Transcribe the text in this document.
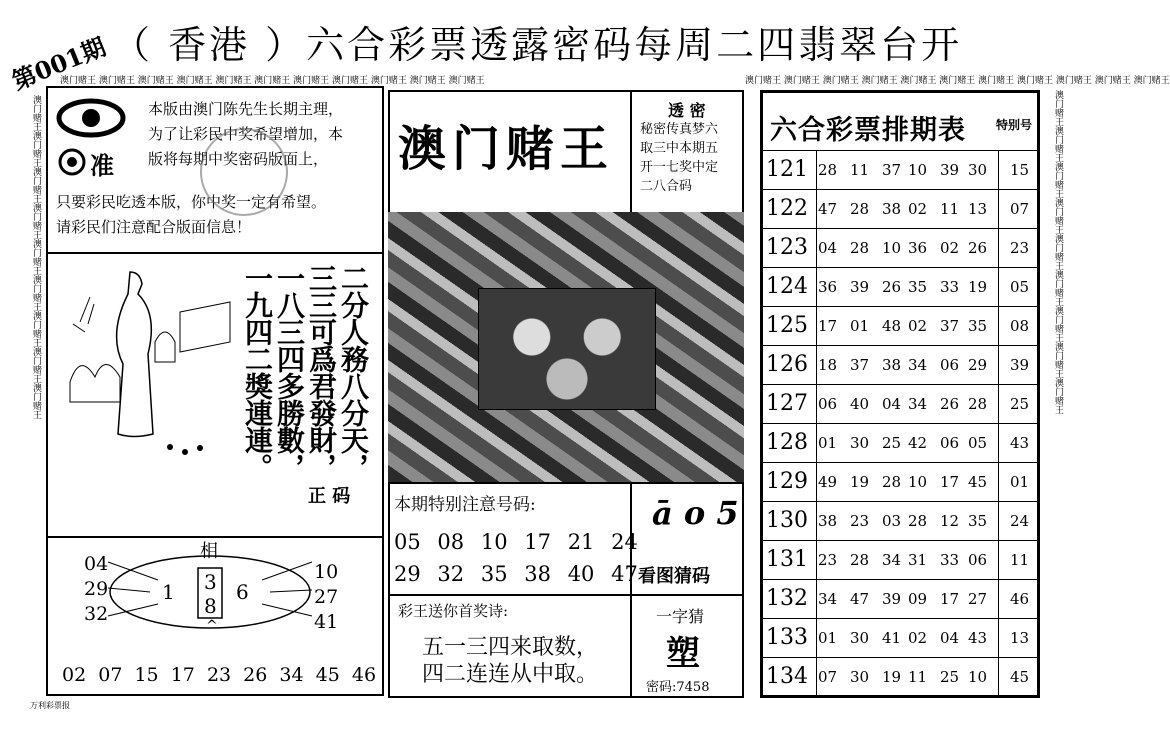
第001期 （ 香港 ）六合彩票透露密码每周二四翡翠台开
澳门赌王 澳门赌王 澳门赌王 澳门赌王 澳门赌王 澳门赌王 澳门赌王 澳门赌王 澳门赌王 澳门赌王 澳门赌王	澳门赌王 澳门赌王 澳门赌王 澳门赌王 澳门赌王 澳门赌王 澳门赌王 澳门赌王 澳门赌王 澳门赌王 澳门赌王
澳门赌王澳门赌王澳门赌王澳门赌王澳门赌王澳门赌王澳门赌王澳门赌王澳门赌王	澳门赌王澳门赌王澳门赌王澳门赌王澳门赌王澳门赌王澳门赌王澳门赌王澳门赌王
准
本版由澳门陈先生长期主理，
为了让彩民中奖希望增加，本
版将每期中奖密码版面上，
只要彩民吃透本版，你中奖一定有希望。
请彩民们注意配合版面信息！
二分人務八分天，
三三可爲君發財，
一八三四多勝數，
一九四二獎連連。
正 码
相
04
29
32
1 3
8
^
6
10
27
41
02 07 15 17 23 26 34 45 46
澳门赌王
透 密
秘密传真梦六
取三中本期五
开一七奖中定
二八合码
本期特别注意号码:
05 08 10 17 21 24
29 32 35 38 40 47
ā o 5
看图猜码
彩王送你首奖诗:
五一三四来取数，
四二连连从中取。
一字猜
塑
密码:7458
六合彩票排期表	特别号
121 28 11 37 10 39 30 15
122 47 28 38 02 11 13 07
123 04 28 10 36 02 26 23
124 36 39 26 35 33 19 05
125 17 01 48 02 37 35 08
126 18 37 38 34 06 29 39
127 06 40 04 34 26 28 25
128 01 30 25 42 06 05 43
129 49 19 28 10 17 45 01
130 38 23 03 28 12 35 24
131 23 28 34 31 33 06 11
132 34 47 39 09 17 27 46
133 01 30 41 02 04 43 13
134 07 30 19 11 25 10 45
万利彩票报
